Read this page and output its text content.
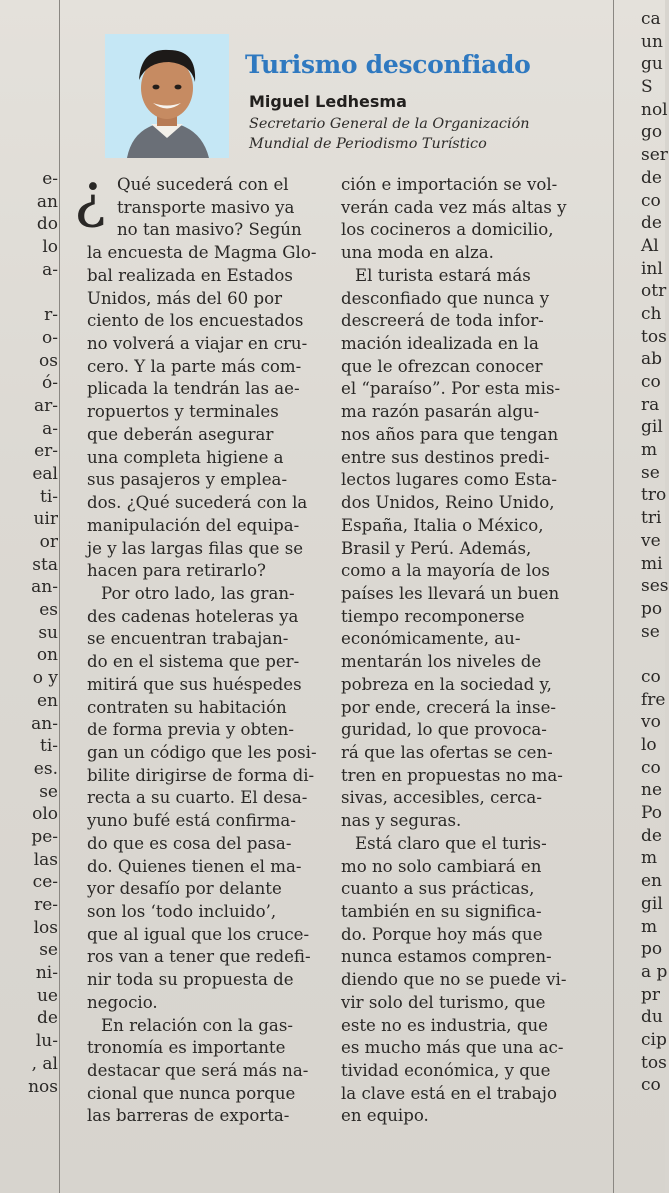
e-
an
do
lo
a-
r-
o-
os
ó-
ar-
a-
er-
eal
ti-
uir
or
sta
an-
es
su
on
o y
en
an-
ti-
es.
se
olo
pe-
las
ce-
re-
los
se
ni-
ue
de
lu-
, al
nos
ca
un
gu
S
nol
go
ser
de
co
de
Al
inl
otr
ch
tos
ab
co
ra
gil
m
se
tro
tri
ve
mi
ses
po
se
co
fre
vo
lo
co
ne
Po
de
m
en
gil
m
po
a p
pr
du
cip
tos
co
Turismo desconfiado
Miguel Ledhesma
Secretario General de la Organización
Mundial de Periodismo Turístico
¿ Qué sucederá con el
transporte masivo ya
no tan masivo? Según
la encuesta de Magma Glo-
bal realizada en Estados
Unidos, más del 60 por
ciento de los encuestados
no volverá a viajar en cru-
cero. Y la parte más com-
plicada la tendrán las ae-
ropuertos y terminales
que deberán asegurar
una completa higiene a
sus pasajeros y emplea-
dos. ¿Qué sucederá con la
manipulación del equipa-
je y las largas filas que se
hacen para retirarlo?
Por otro lado, las gran-
des cadenas hoteleras ya
se encuentran trabajan-
do en el sistema que per-
mitirá que sus huéspedes
contraten su habitación
de forma previa y obten-
gan un código que les posi-
bilite dirigirse de forma di-
recta a su cuarto. El desa-
yuno bufé está confirma-
do que es cosa del pasa-
do. Quienes tienen el ma-
yor desafío por delante
son los ‘todo incluido’,
que al igual que los cruce-
ros van a tener que redefi-
nir toda su propuesta de
negocio.
En relación con la gas-
tronomía es importante
destacar que será más na-
cional que nunca porque
las barreras de exporta-
ción e importación se vol-
verán cada vez más altas y
los cocineros a domicilio,
una moda en alza.
El turista estará más
desconfiado que nunca y
descreerá de toda infor-
mación idealizada en la
que le ofrezcan conocer
el “paraíso”. Por esta mis-
ma razón pasarán algu-
nos años para que tengan
entre sus destinos predi-
lectos lugares como Esta-
dos Unidos, Reino Unido,
España, Italia o México,
Brasil y Perú. Además,
como a la mayoría de los
países les llevará un buen
tiempo recomponerse
económicamente, au-
mentarán los niveles de
pobreza en la sociedad y,
por ende, crecerá la inse-
guridad, lo que provoca-
rá que las ofertas se cen-
tren en propuestas no ma-
sivas, accesibles, cerca-
nas y seguras.
Está claro que el turis-
mo no solo cambiará en
cuanto a sus prácticas,
también en su significa-
do. Porque hoy más que
nunca estamos compren-
diendo que no se puede vi-
vir solo del turismo, que
este no es industria, que
es mucho más que una ac-
tividad económica, y que
la clave está en el trabajo
en equipo.
